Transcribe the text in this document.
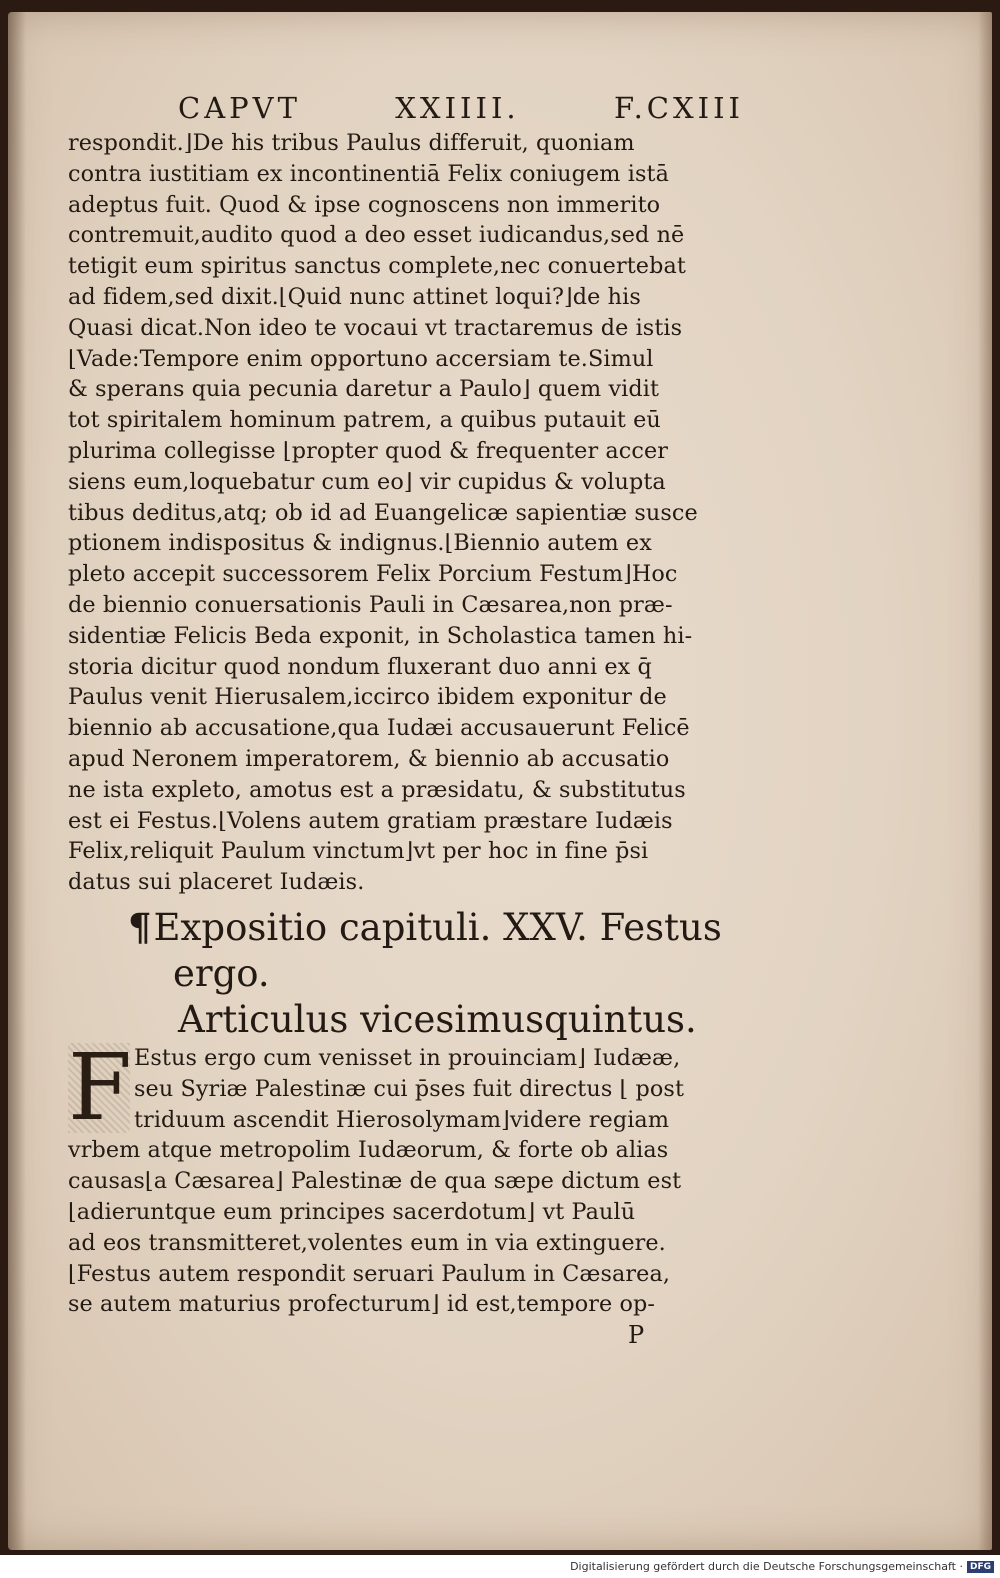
CAPVT	XXIIII.	F.CXIII
respondit.⌋De his tribus Paulus differuit, quoniam
contra iustitiam ex incontinentiā Felix coniugem istā
adeptus fuit. Quod & ipse cognoscens non immerito
contremuit,audito quod a deo esset iudicandus,sed nē
tetigit eum spiritus sanctus complete,nec conuertebat
ad fidem,sed dixit.⌊Quid nunc attinet loqui?⌋de his
Quasi dicat.Non ideo te vocaui vt tractaremus de istis
⌊Vade:Tempore enim opportuno accersiam te.Simul
& sperans quia pecunia daretur a Paulo⌋ quem vidit
tot spiritalem hominum patrem, a quibus putauit eū
plurima collegisse ⌊propter quod & frequenter accer
siens eum,loquebatur cum eo⌋ vir cupidus & volupta
tibus deditus,atq; ob id ad Euangelicæ sapientiæ susce
ptionem indispositus & indignus.⌊Biennio autem ex
pleto accepit successorem Felix Porcium Festum⌋Hoc
de biennio conuersationis Pauli in Cæsarea,non præ-
sidentiæ Felicis Beda exponit, in Scholastica tamen hi-
storia dicitur quod nondum fluxerant duo anni ex q̄
Paulus venit Hierusalem,iccirco ibidem exponitur de
biennio ab accusatione,qua Iudæi accusauerunt Felicē
apud Neronem imperatorem, & biennio ab accusatio
ne ista expleto, amotus est a præsidatu, & substitutus
est ei Festus.⌊Volens autem gratiam præstare Iudæis
Felix,reliquit Paulum vinctum⌋vt per hoc in fine p̄si
datus sui placeret Iudæis.
¶Expositio capituli. XXV. Festus
ergo.
Articulus vicesimusquintus.
F Estus ergo cum venisset in prouinciam⌋ Iudææ,
seu Syriæ Palestinæ cui p̄ses fuit directus ⌊ post
triduum ascendit Hierosolymam⌋videre regiam
vrbem atque metropolim Iudæorum, & forte ob alias
causas⌊a Cæsarea⌋ Palestinæ de qua sæpe dictum est
⌊adieruntque eum principes sacerdotum⌋ vt Paulū
ad eos transmitteret,volentes eum in via extinguere.
⌊Festus autem respondit seruari Paulum in Cæsarea,
se autem maturius profecturum⌋ id est,tempore op-
P
Digitalisierung gefördert durch die Deutsche Forschungsgemeinschaft · DFG
